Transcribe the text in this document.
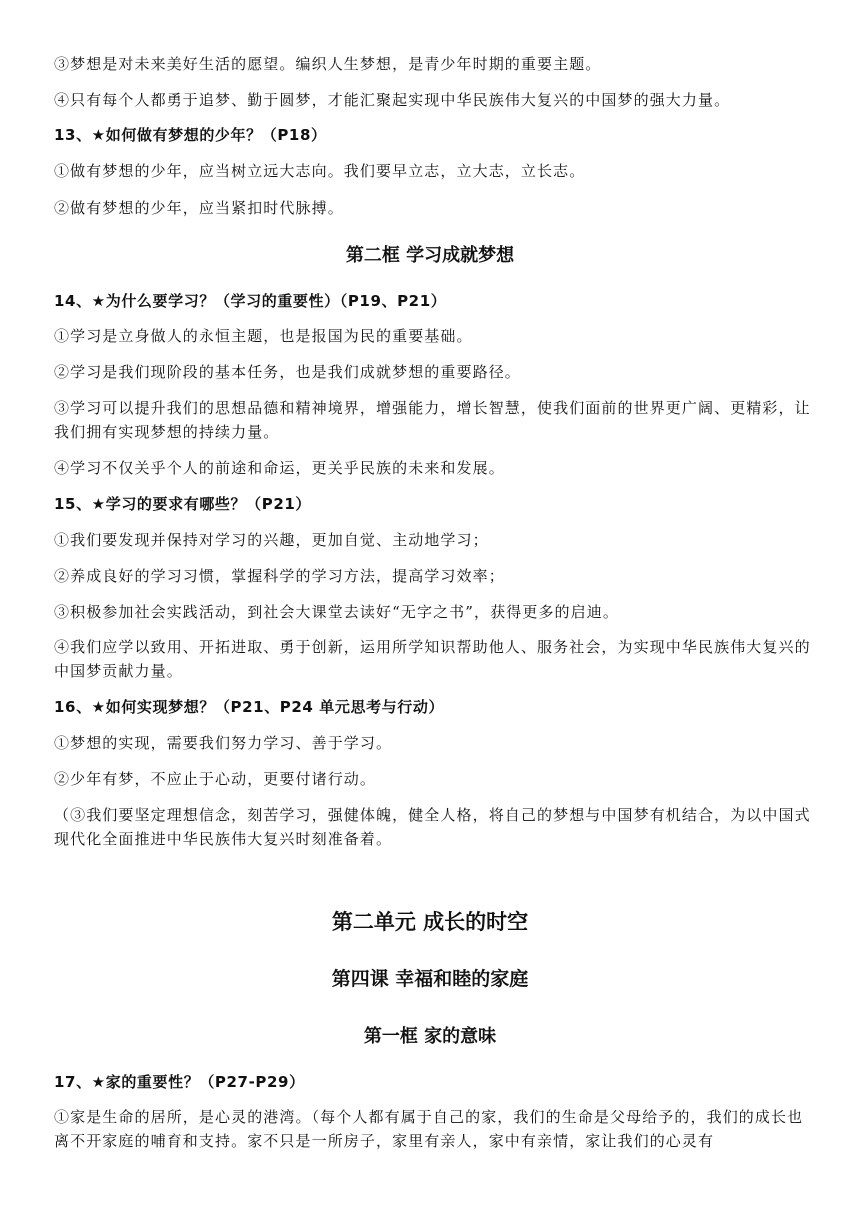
③梦想是对未来美好生活的愿望。编织人生梦想，是青少年时期的重要主题。
④只有每个人都勇于追梦、勤于圆梦，才能汇聚起实现中华民族伟大复兴的中国梦的强大力量。
13、★如何做有梦想的少年？（P18）
①做有梦想的少年，应当树立远大志向。我们要早立志，立大志，立长志。
②做有梦想的少年，应当紧扣时代脉搏。
第二框 学习成就梦想
14、★为什么要学习？（学习的重要性）（P19、P21）
①学习是立身做人的永恒主题，也是报国为民的重要基础。
②学习是我们现阶段的基本任务，也是我们成就梦想的重要路径。
③学习可以提升我们的思想品德和精神境界，增强能力，增长智慧，使我们面前的世界更广阔、更精彩，让我们拥有实现梦想的持续力量。
④学习不仅关乎个人的前途和命运，更关乎民族的未来和发展。
15、★学习的要求有哪些？（P21）
①我们要发现并保持对学习的兴趣，更加自觉、主动地学习；
②养成良好的学习习惯，掌握科学的学习方法，提高学习效率；
③积极参加社会实践活动，到社会大课堂去读好“无字之书”，获得更多的启迪。
④我们应学以致用、开拓进取、勇于创新，运用所学知识帮助他人、服务社会，为实现中华民族伟大复兴的中国梦贡献力量。
16、★如何实现梦想？（P21、P24 单元思考与行动）
①梦想的实现，需要我们努力学习、善于学习。
②少年有梦，不应止于心动，更要付诸行动。
（③我们要坚定理想信念，刻苦学习，强健体魄，健全人格，将自己的梦想与中国梦有机结合，为以中国式现代化全面推进中华民族伟大复兴时刻准备着。
第二单元 成长的时空
第四课 幸福和睦的家庭
第一框 家的意味
17、★家的重要性？（P27-P29）
①家是生命的居所，是心灵的港湾。（每个人都有属于自己的家，我们的生命是父母给予的，我们的成长也离不开家庭的哺育和支持。家不只是一所房子，家里有亲人，家中有亲情，家让我们的心灵有
